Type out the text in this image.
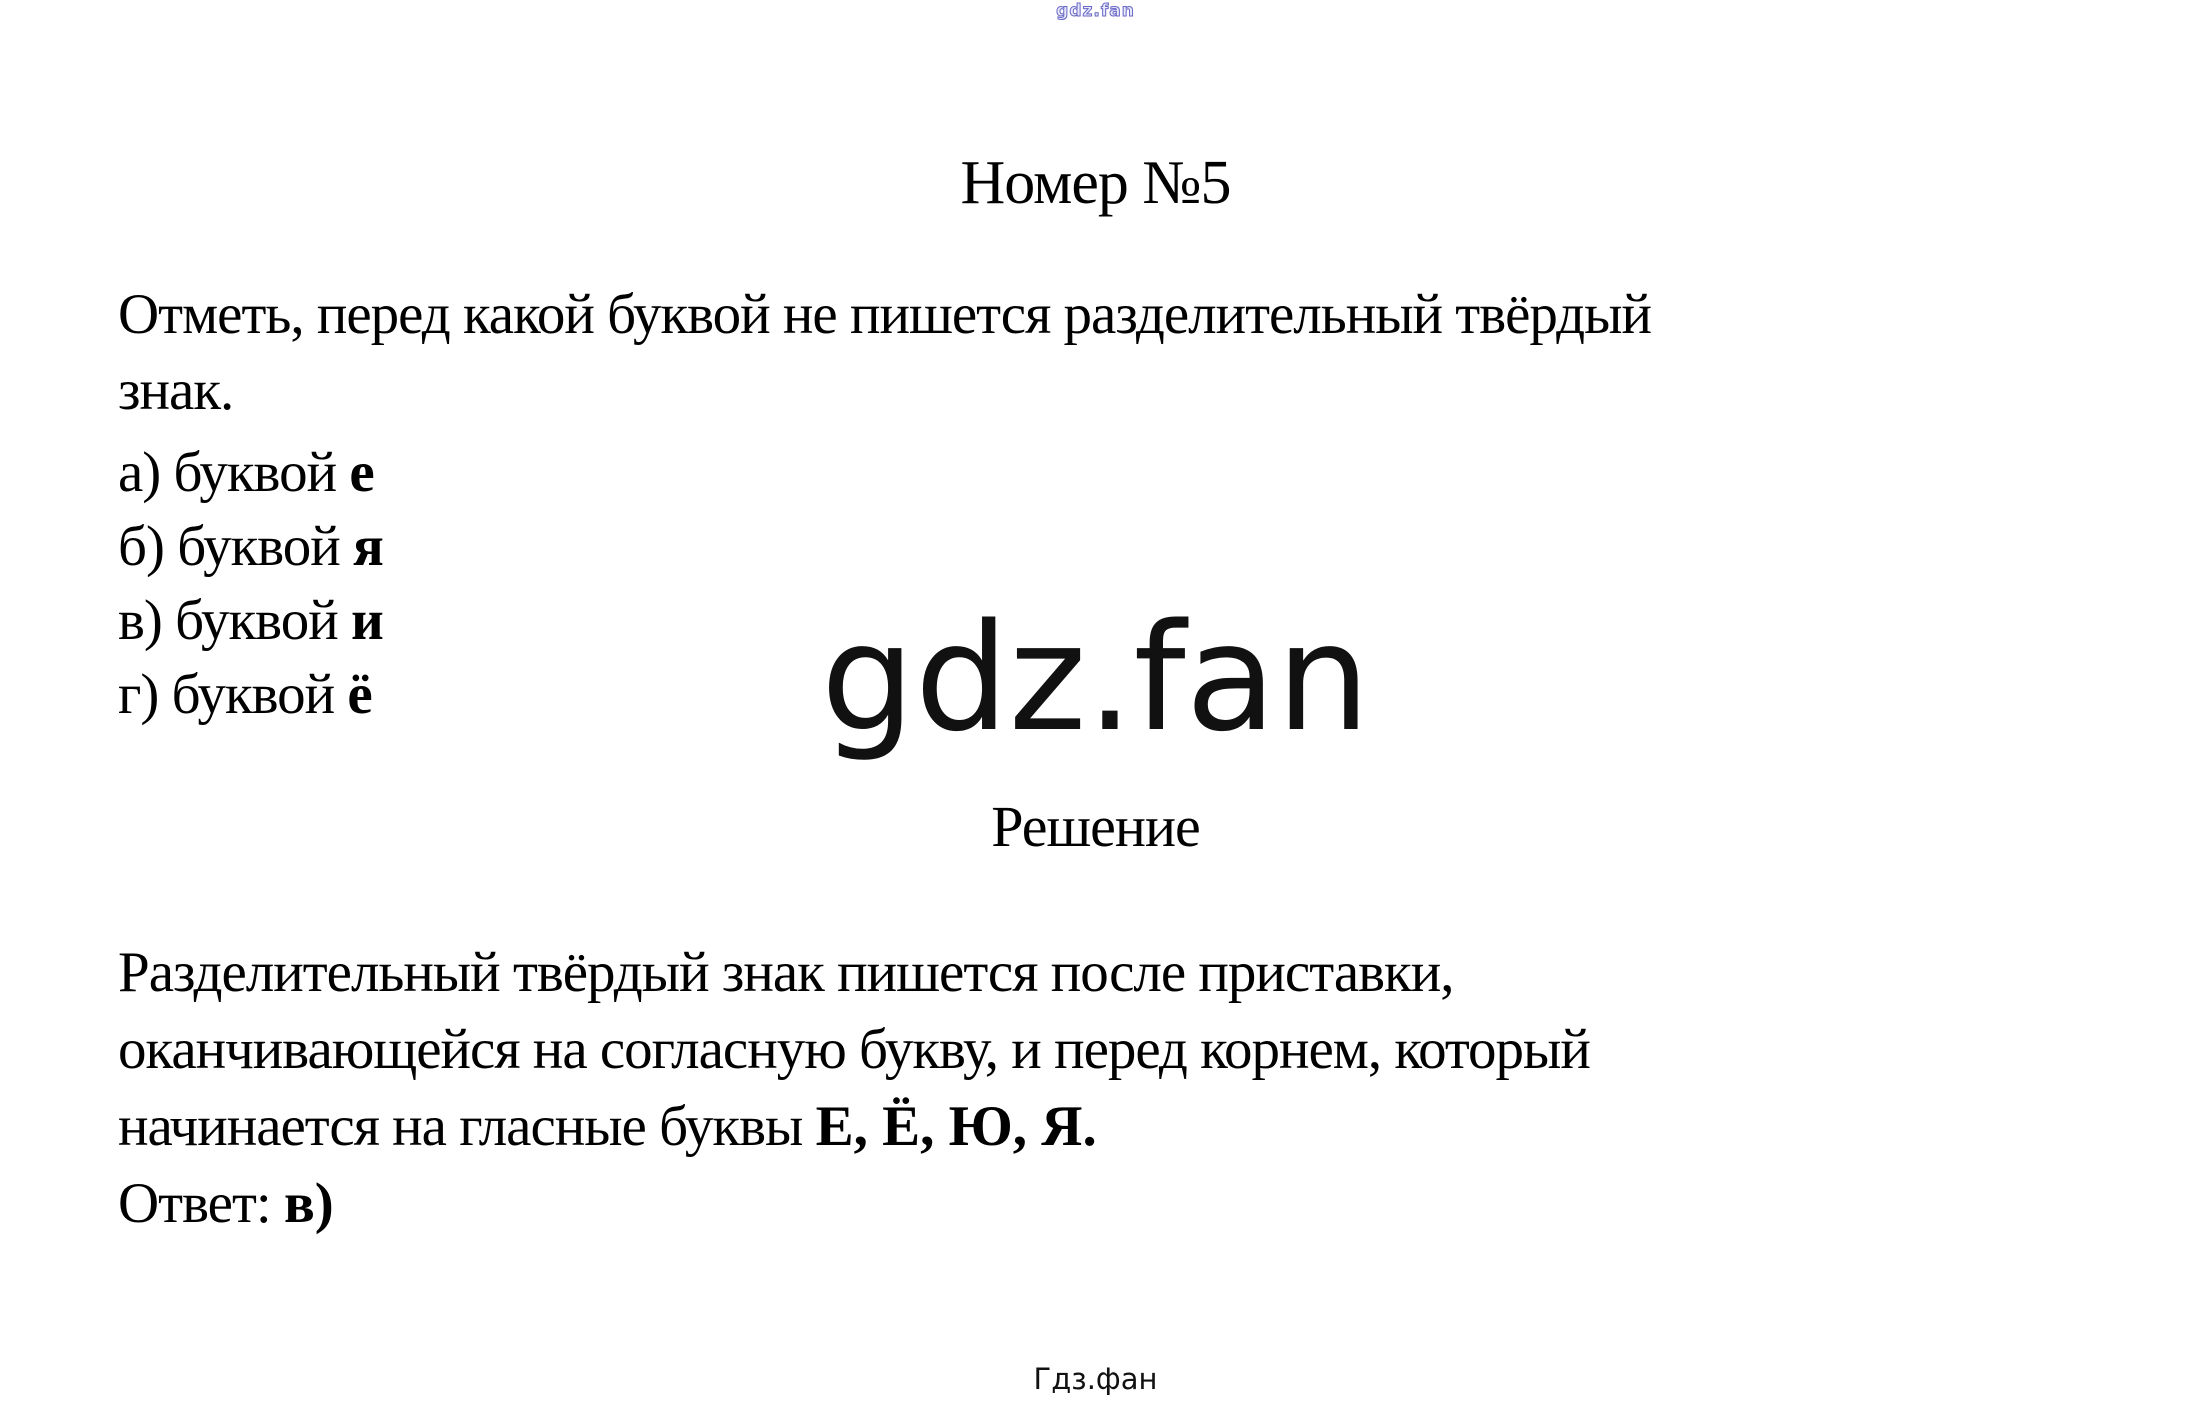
gdz.fan
Номер №5
Отметь, перед какой буквой не пишется разделительный твёрдый
знак.
а) буквой е
б) буквой я
в) буквой и
г) буквой ё	gdz.fan
Решение
Разделительный твёрдый знак пишется после приставки,
оканчивающейся на согласную букву, и перед корнем, который
начинается на гласные буквы Е, Ё, Ю, Я.
Ответ: в)
Гдз.фан
